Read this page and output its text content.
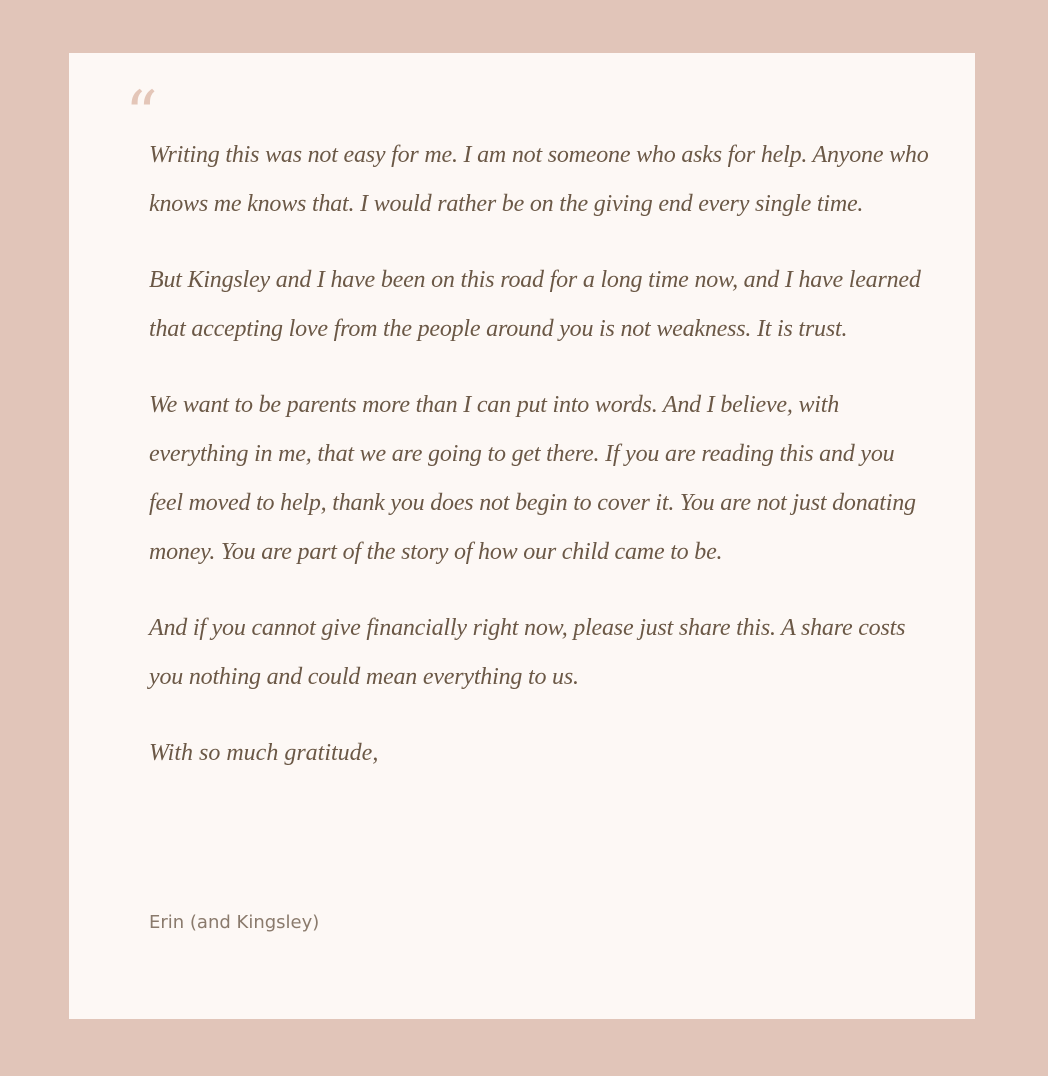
“

Writing this was not easy for me. I am not someone who asks for help. Anyone who knows me knows that. I would rather be on the giving end every single time.

But Kingsley and I have been on this road for a long time now, and I have learned that accepting love from the people around you is not weakness. It is trust.

We want to be parents more than I can put into words. And I believe, with everything in me, that we are going to get there. If you are reading this and you feel moved to help, thank you does not begin to cover it. You are not just donating money. You are part of the story of how our child came to be.

And if you cannot give financially right now, please just share this. A share costs you nothing and could mean everything to us.

With so much gratitude,

Erin (and Kingsley)
